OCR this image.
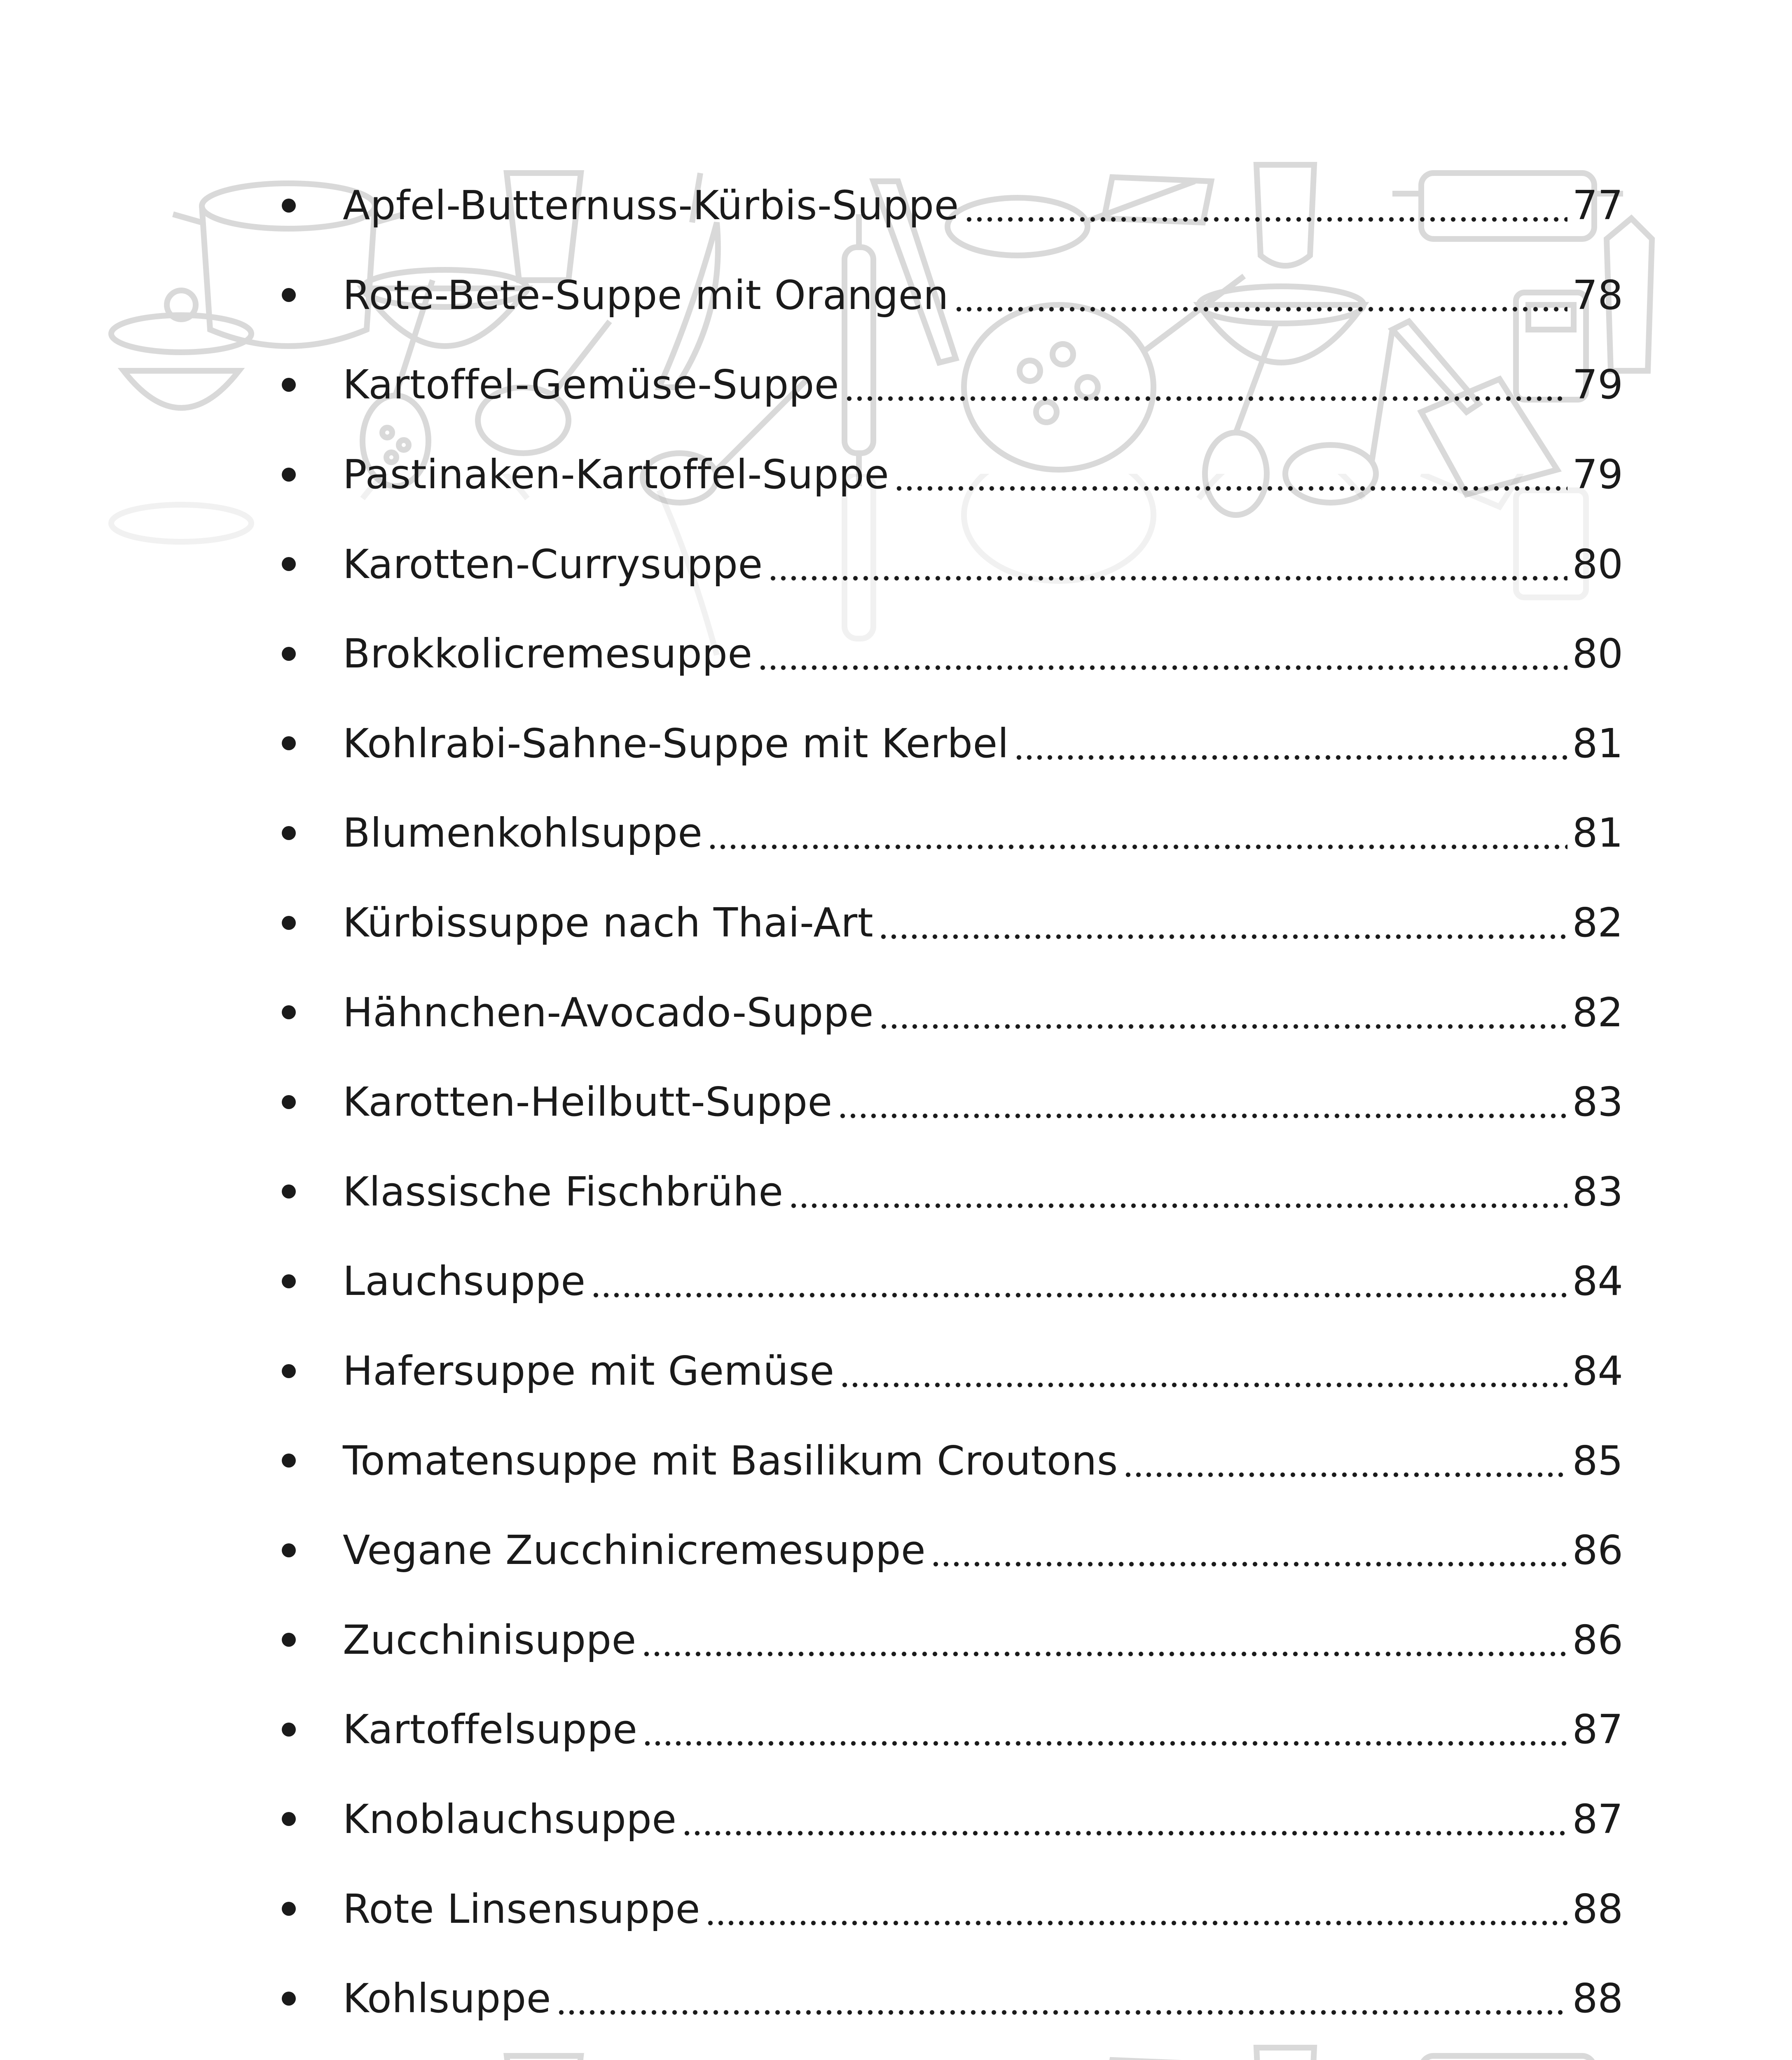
Apfel-Butternuss-Kürbis-Suppe	77
Rote-Bete-Suppe mit Orangen	78
Kartoffel-Gemüse-Suppe	79
Pastinaken-Kartoffel-Suppe	79
Karotten-Currysuppe	80
Brokkolicremesuppe	80
Kohlrabi-Sahne-Suppe mit Kerbel	81
Blumenkohlsuppe	81
Kürbissuppe nach Thai-Art	82
Hähnchen-Avocado-Suppe	82
Karotten-Heilbutt-Suppe	83
Klassische Fischbrühe	83
Lauchsuppe	84
Hafersuppe mit Gemüse	84
Tomatensuppe mit Basilikum Croutons	85
Vegane Zucchinicremesuppe	86
Zucchinisuppe	86
Kartoffelsuppe	87
Knoblauchsuppe	87
Rote Linsensuppe	88
Kohlsuppe	88
